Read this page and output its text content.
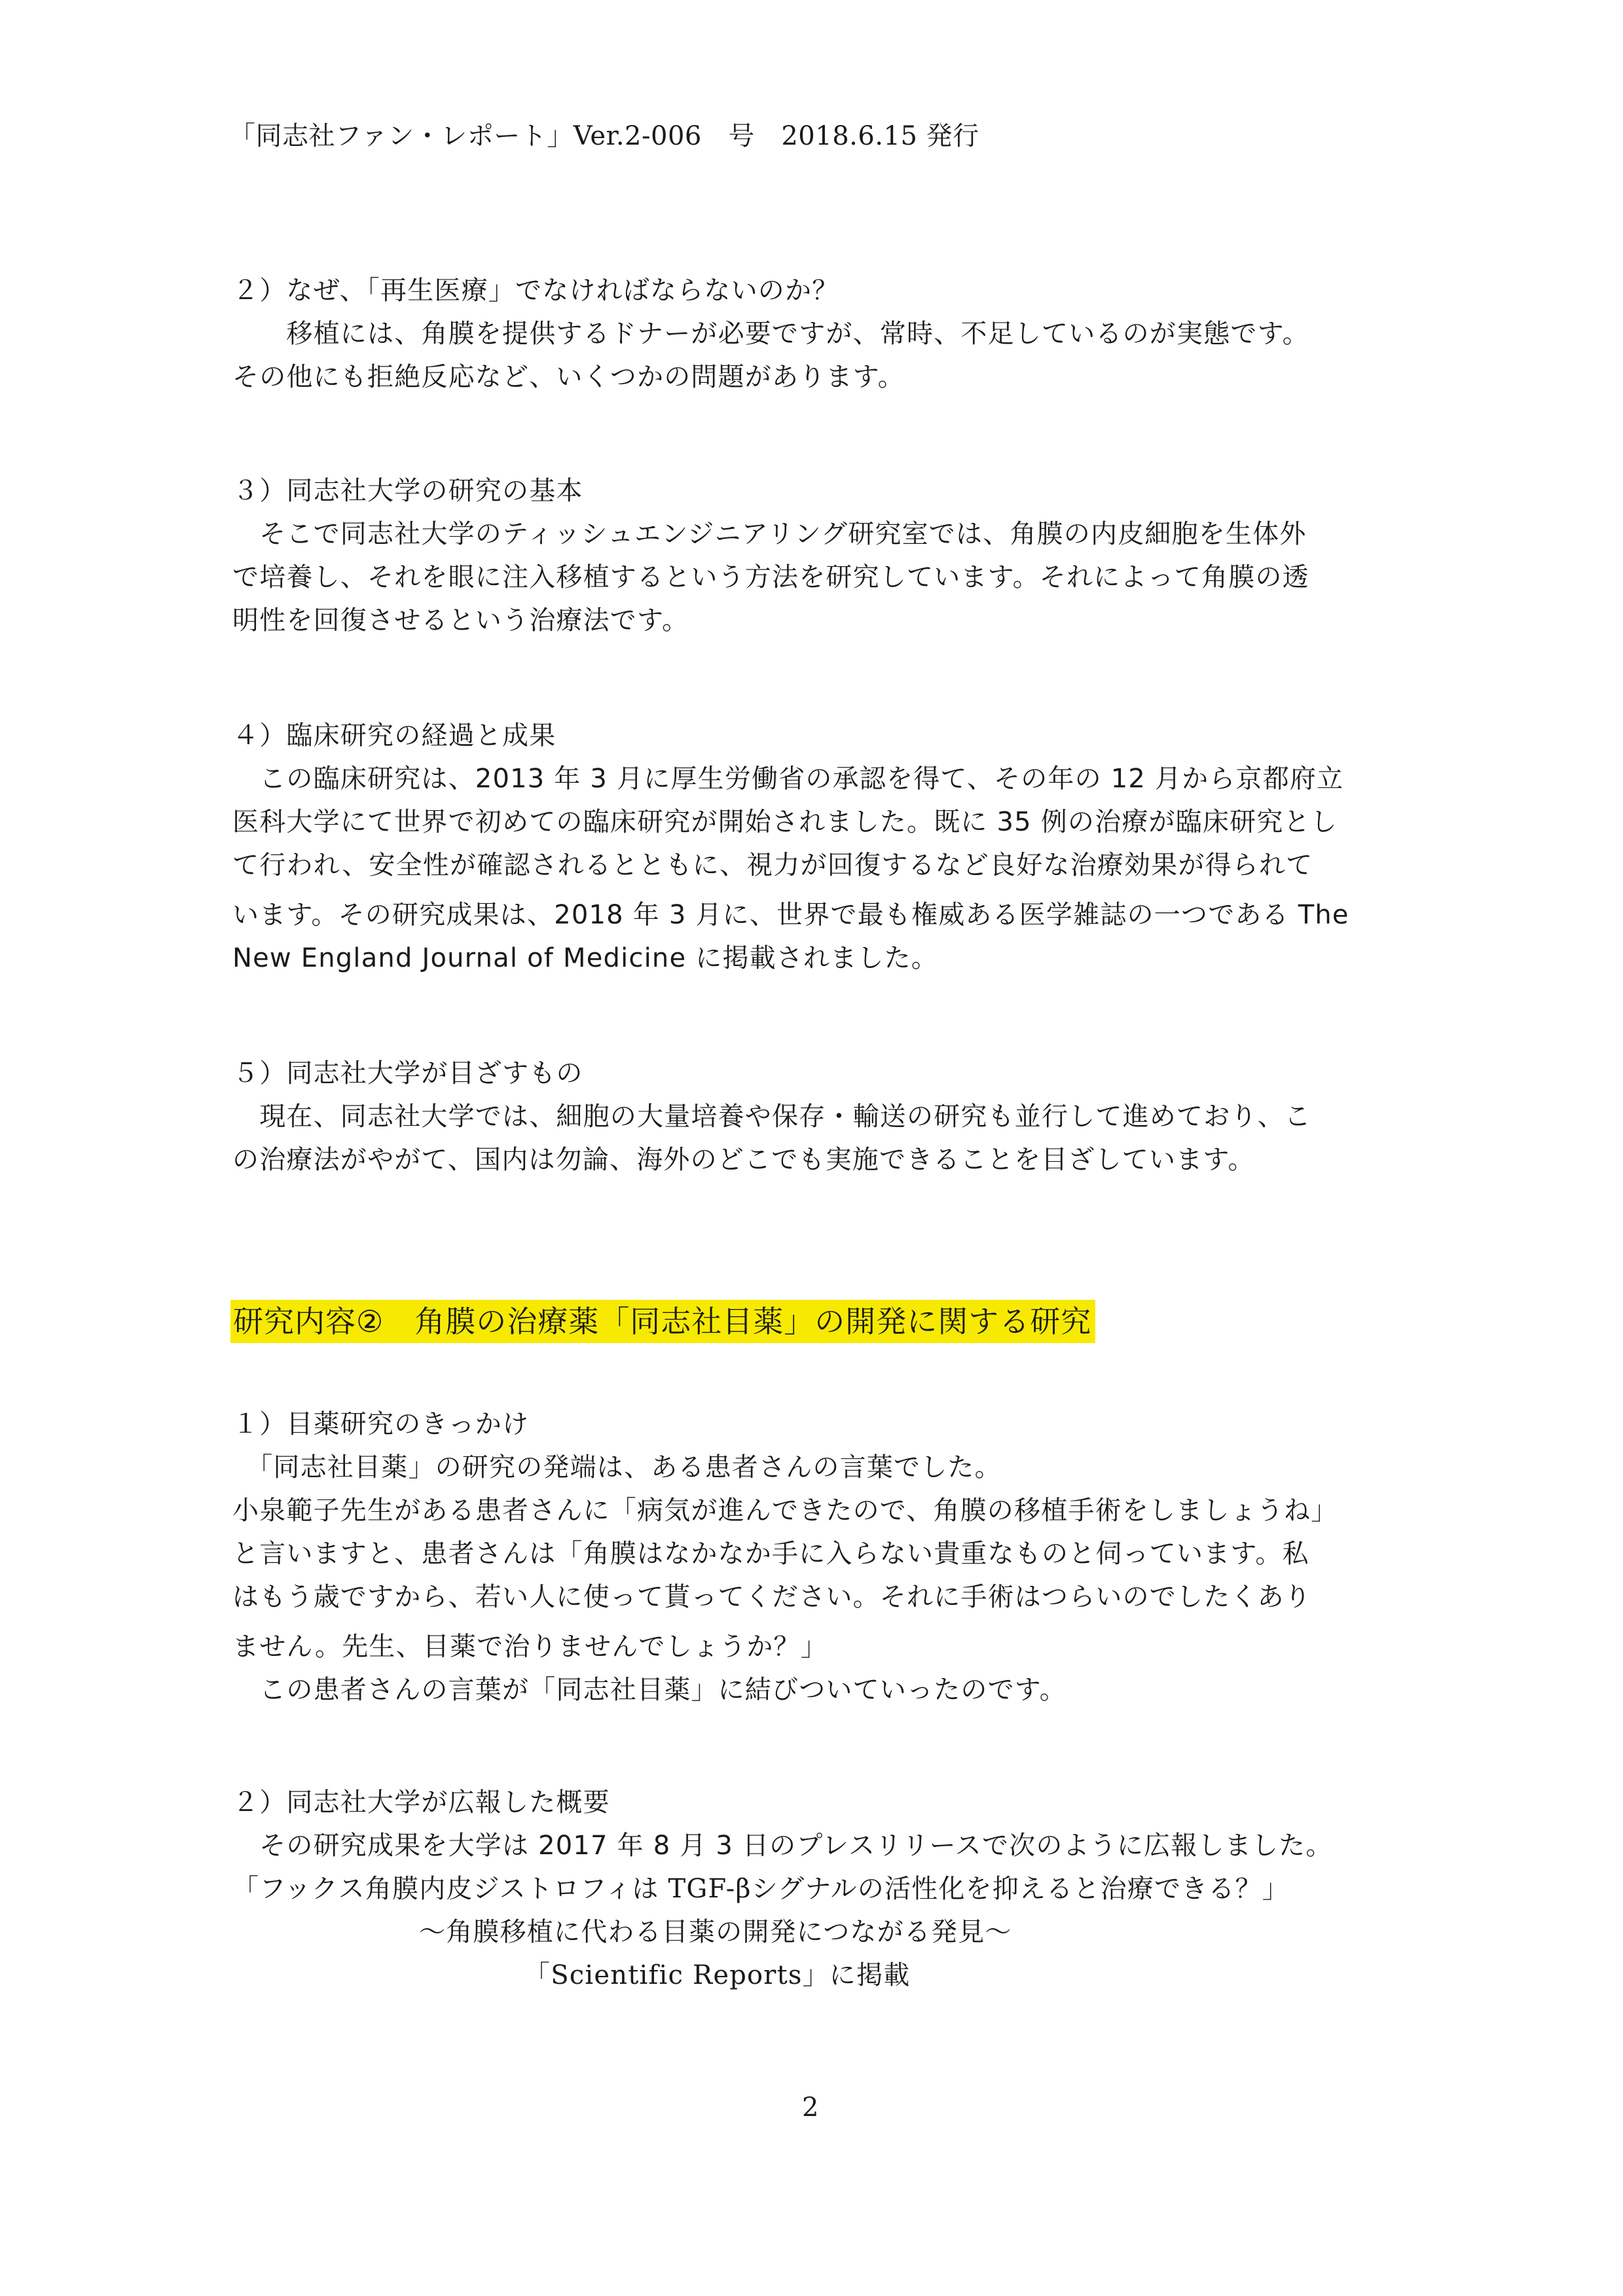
「同志社ファン・レポート」Ver.2-006　号　2018.6.15 発行
２）なぜ、「再生医療」でなければならないのか？
　　移植には、角膜を提供するドナーが必要ですが、常時、不足しているのが実態です。
その他にも拒絶反応など、いくつかの問題があります。
３）同志社大学の研究の基本
　そこで同志社大学のティッシュエンジニアリング研究室では、角膜の内皮細胞を生体外
で培養し、それを眼に注入移植するという方法を研究しています。それによって角膜の透
明性を回復させるという治療法です。
４）臨床研究の経過と成果
　この臨床研究は、2013 年 3 月に厚生労働省の承認を得て、その年の 12 月から京都府立
医科大学にて世界で初めての臨床研究が開始されました。既に 35 例の治療が臨床研究とし
て行われ、安全性が確認されるとともに、視力が回復するなど良好な治療効果が得られて
います。その研究成果は、2018 年 3 月に、世界で最も権威ある医学雑誌の一つである The
New England Journal of Medicine に掲載されました。
５）同志社大学が目ざすもの
　現在、同志社大学では、細胞の大量培養や保存・輸送の研究も並行して進めており、こ
の治療法がやがて、国内は勿論、海外のどこでも実施できることを目ざしています。
研究内容②　角膜の治療薬「同志社目薬」の開発に関する研究
１）目薬研究のきっかけ
　「同志社目薬」の研究の発端は、ある患者さんの言葉でした。
小泉範子先生がある患者さんに「病気が進んできたので、角膜の移植手術をしましょうね」
と言いますと、患者さんは「角膜はなかなか手に入らない貴重なものと伺っています。私
はもう歳ですから、若い人に使って貰ってください。それに手術はつらいのでしたくあり
ません。先生、目薬で治りませんでしょうか？」
　この患者さんの言葉が「同志社目薬」に結びついていったのです。
２）同志社大学が広報した概要
　その研究成果を大学は 2017 年 8 月 3 日のプレスリリースで次のように広報しました。
「フックス角膜内皮ジストロフィは TGF-βシグナルの活性化を抑えると治療できる？」
～角膜移植に代わる目薬の開発につながる発見～
「Scientific Reports」に掲載
2
